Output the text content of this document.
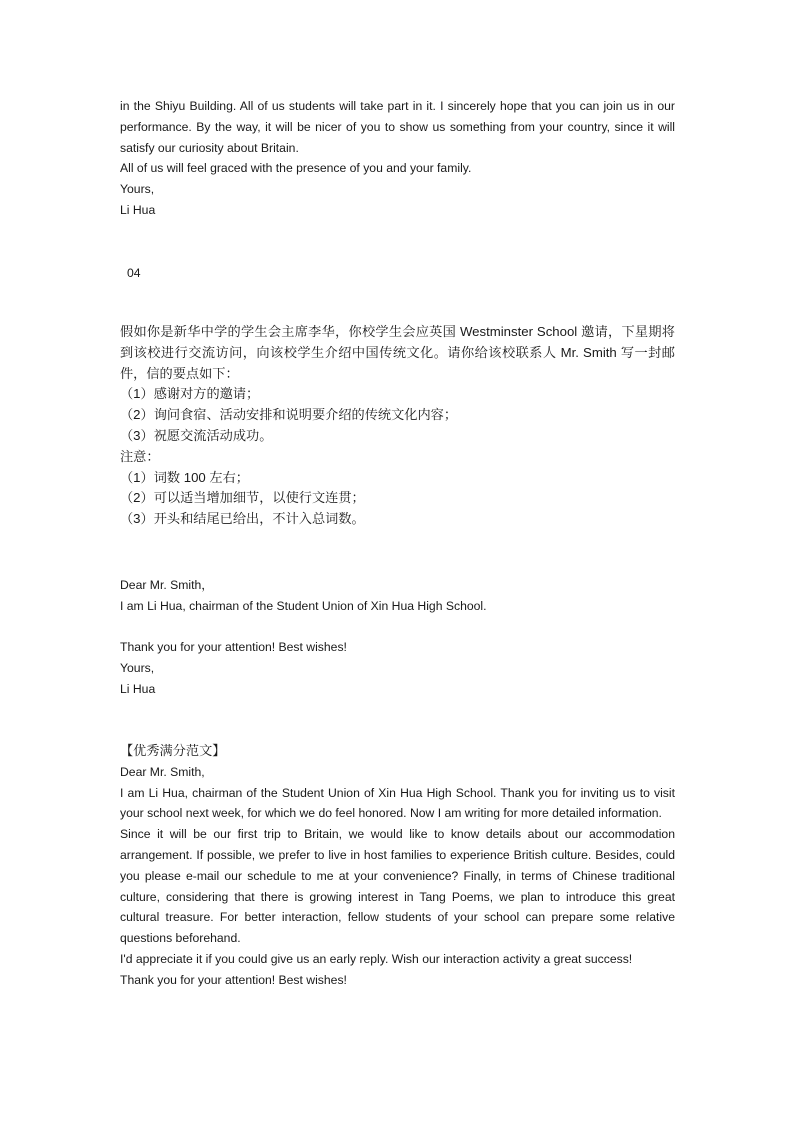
in the Shiyu Building. All of us students will take part in it. I sincerely hope that you can join us in our performance. By the way, it will be nicer of you to show us something from your country, since it will satisfy our curiosity about Britain.
All of us will feel graced with the presence of you and your family.
Yours,
Li Hua
04
假如你是新华中学的学生会主席李华，你校学生会应英国 Westminster School 邀请，下星期将到该校进行交流访问，向该校学生介绍中国传统文化。请你给该校联系人 Mr. Smith 写一封邮件，信的要点如下：
（1）感谢对方的邀请；
（2）询问食宿、活动安排和说明要介绍的传统文化内容；
（3）祝愿交流活动成功。
注意：
（1）词数 100 左右；
（2）可以适当增加细节，以使行文连贯；
（3）开头和结尾已给出，不计入总词数。
Dear Mr. Smith，
I am Li Hua, chairman of the Student Union of Xin Hua High School.
Thank you for your attention! Best wishes!
Yours,
Li Hua
【优秀满分范文】
Dear Mr. Smith,
I am Li Hua, chairman of the Student Union of Xin Hua High School. Thank you for inviting us to visit your school next week, for which we do feel honored. Now I am writing for more detailed information.
Since it will be our first trip to Britain, we would like to know details about our accommodation arrangement. If possible, we prefer to live in host families to experience British culture. Besides, could you please e-mail our schedule to me at your convenience? Finally, in terms of Chinese traditional culture, considering that there is growing interest in Tang Poems, we plan to introduce this great cultural treasure. For better interaction, fellow students of your school can prepare some relative questions beforehand.
I'd appreciate it if you could give us an early reply. Wish our interaction activity a great success!
Thank you for your attention! Best wishes!
